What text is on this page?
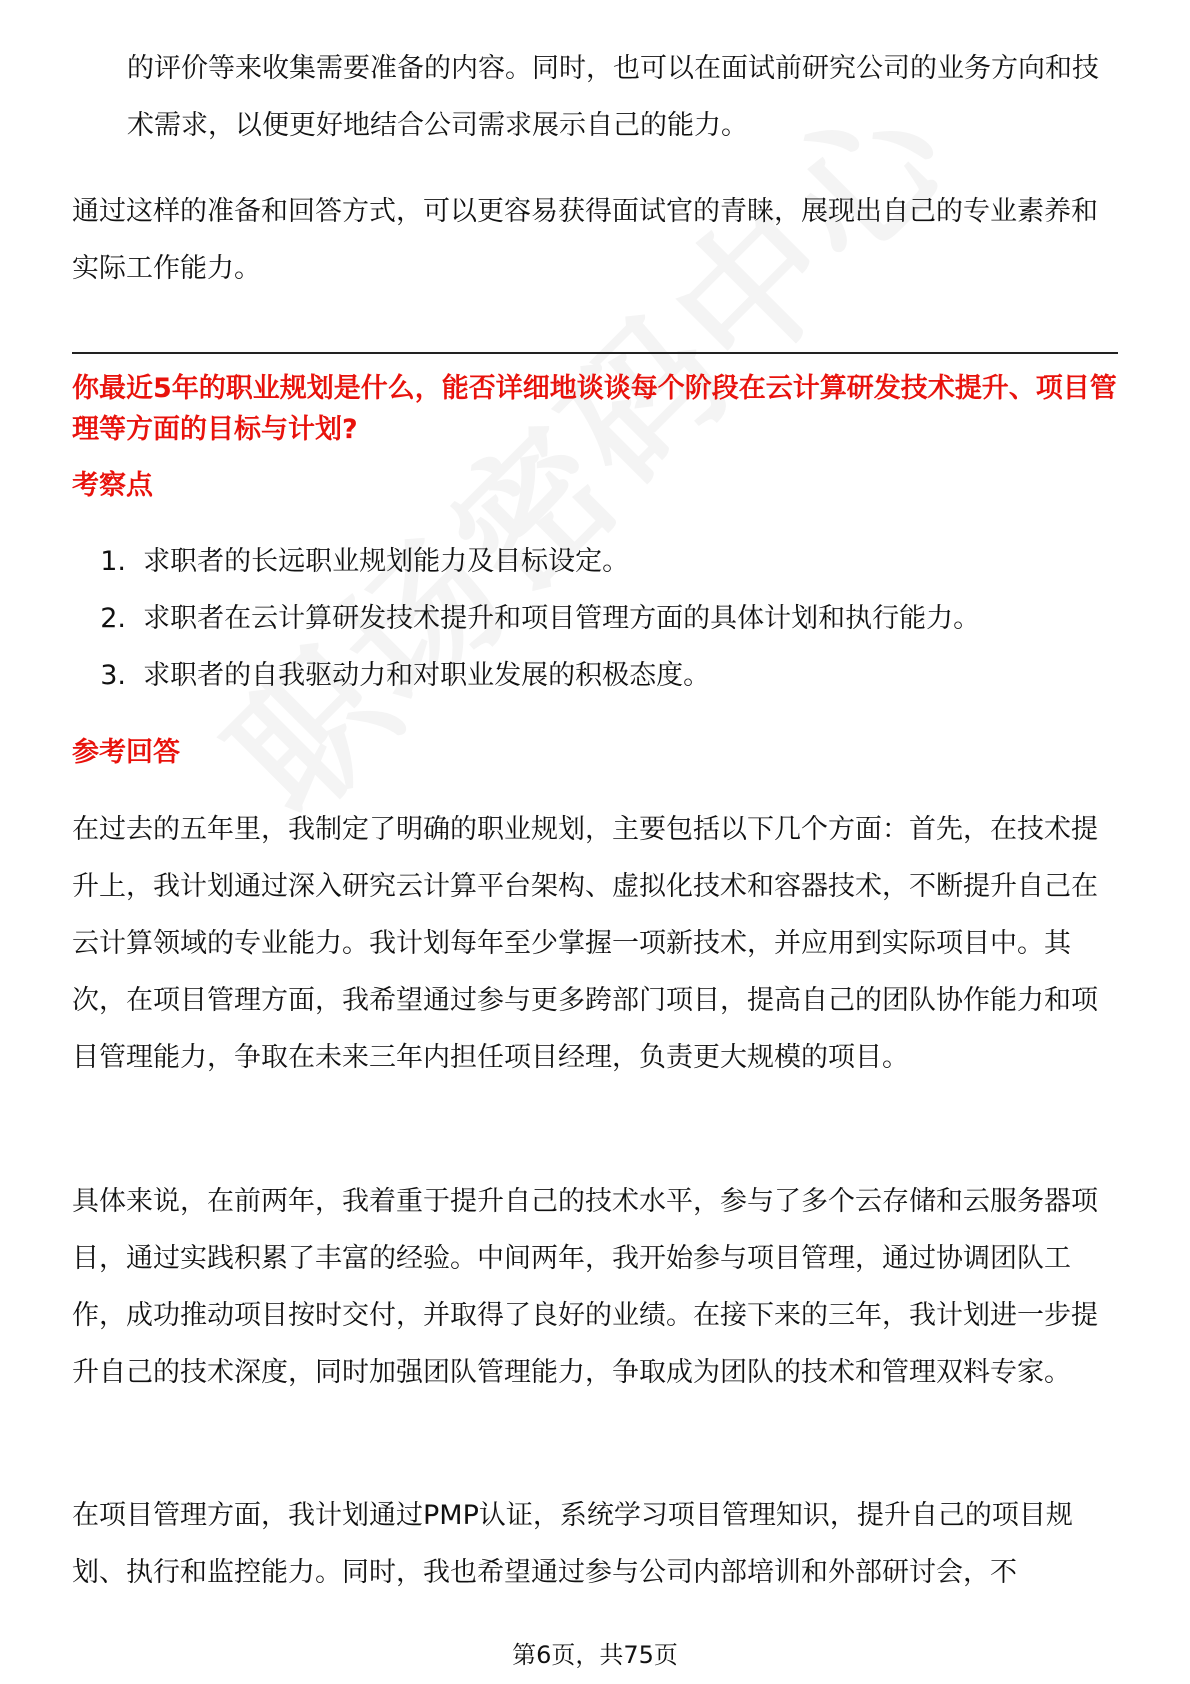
的评价等来收集需要准备的内容。同时，也可以在面试前研究公司的业务方向和技术需求，以便更好地结合公司需求展示自己的能力。

通过这样的准备和回答方式，可以更容易获得面试官的青睐，展现出自己的专业素养和实际工作能力。

你最近5年的职业规划是什么，能否详细地谈谈每个阶段在云计算研发技术提升、项目管理等方面的目标与计划?
考察点
1.
求职者的长远职业规划能力及目标设定。
2.
求职者在云计算研发技术提升和项目管理方面的具体计划和执行能力。
3.
求职者的自我驱动力和对职业发展的积极态度。
参考回答

在过去的五年里，我制定了明确的职业规划，主要包括以下几个方面：首先，在技术提升上，我计划通过深入研究云计算平台架构、虚拟化技术和容器技术，不断提升自己在云计算领域的专业能力。我计划每年至少掌握一项新技术，并应用到实际项目中。其次，在项目管理方面，我希望通过参与更多跨部门项目，提高自己的团队协作能力和项目管理能力，争取在未来三年内担任项目经理，负责更大规模的项目。

具体来说，在前两年，我着重于提升自己的技术水平，参与了多个云存储和云服务器项目，通过实践积累了丰富的经验。中间两年，我开始参与项目管理，通过协调团队工作，成功推动项目按时交付，并取得了良好的业绩。在接下来的三年，我计划进一步提升自己的技术深度，同时加强团队管理能力，争取成为团队的技术和管理双料专家。

在项目管理方面，我计划通过PMP认证，系统学习项目管理知识，提升自己的项目规划、执行和监控能力。同时，我也希望通过参与公司内部培训和外部研讨会，不

第6页，共75页
